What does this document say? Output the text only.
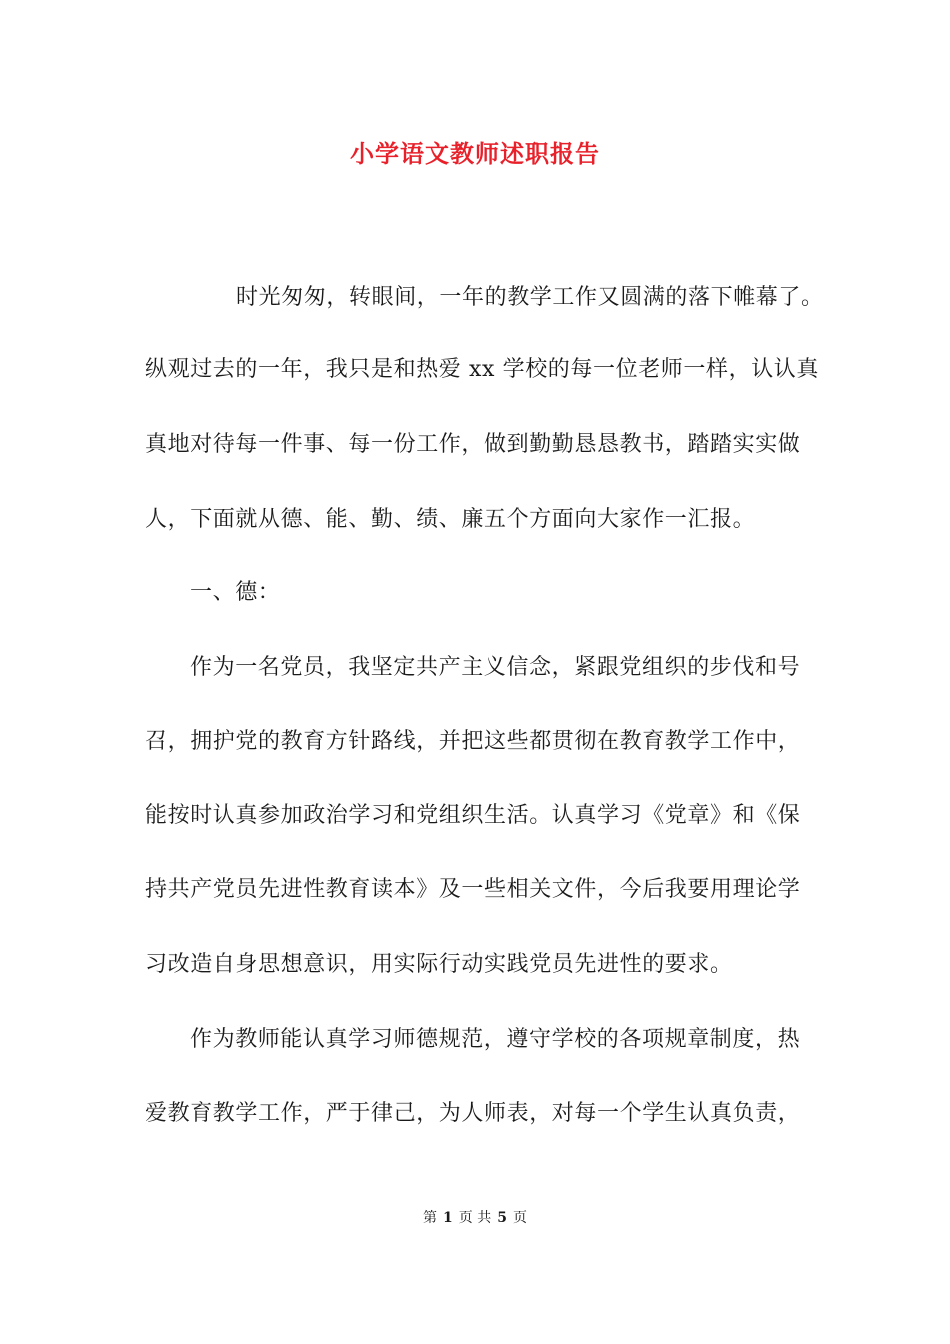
小学语文教师述职报告
时光匆匆，转眼间，一年的教学工作又圆满的落下帷幕了。
纵观过去的一年，我只是和热爱 xx 学校的每一位老师一样，认认真
真地对待每一件事、每一份工作，做到勤勤恳恳教书，踏踏实实做
人，下面就从德、能、勤、绩、廉五个方面向大家作一汇报。
一、德：
作为一名党员，我坚定共产主义信念，紧跟党组织的步伐和号
召，拥护党的教育方针路线，并把这些都贯彻在教育教学工作中，
能按时认真参加政治学习和党组织生活。认真学习《党章》和《保
持共产党员先进性教育读本》及一些相关文件，今后我要用理论学
习改造自身思想意识，用实际行动实践党员先进性的要求。
作为教师能认真学习师德规范，遵守学校的各项规章制度，热
爱教育教学工作，严于律己，为人师表，对每一个学生认真负责，
第 1 页 共 5 页
